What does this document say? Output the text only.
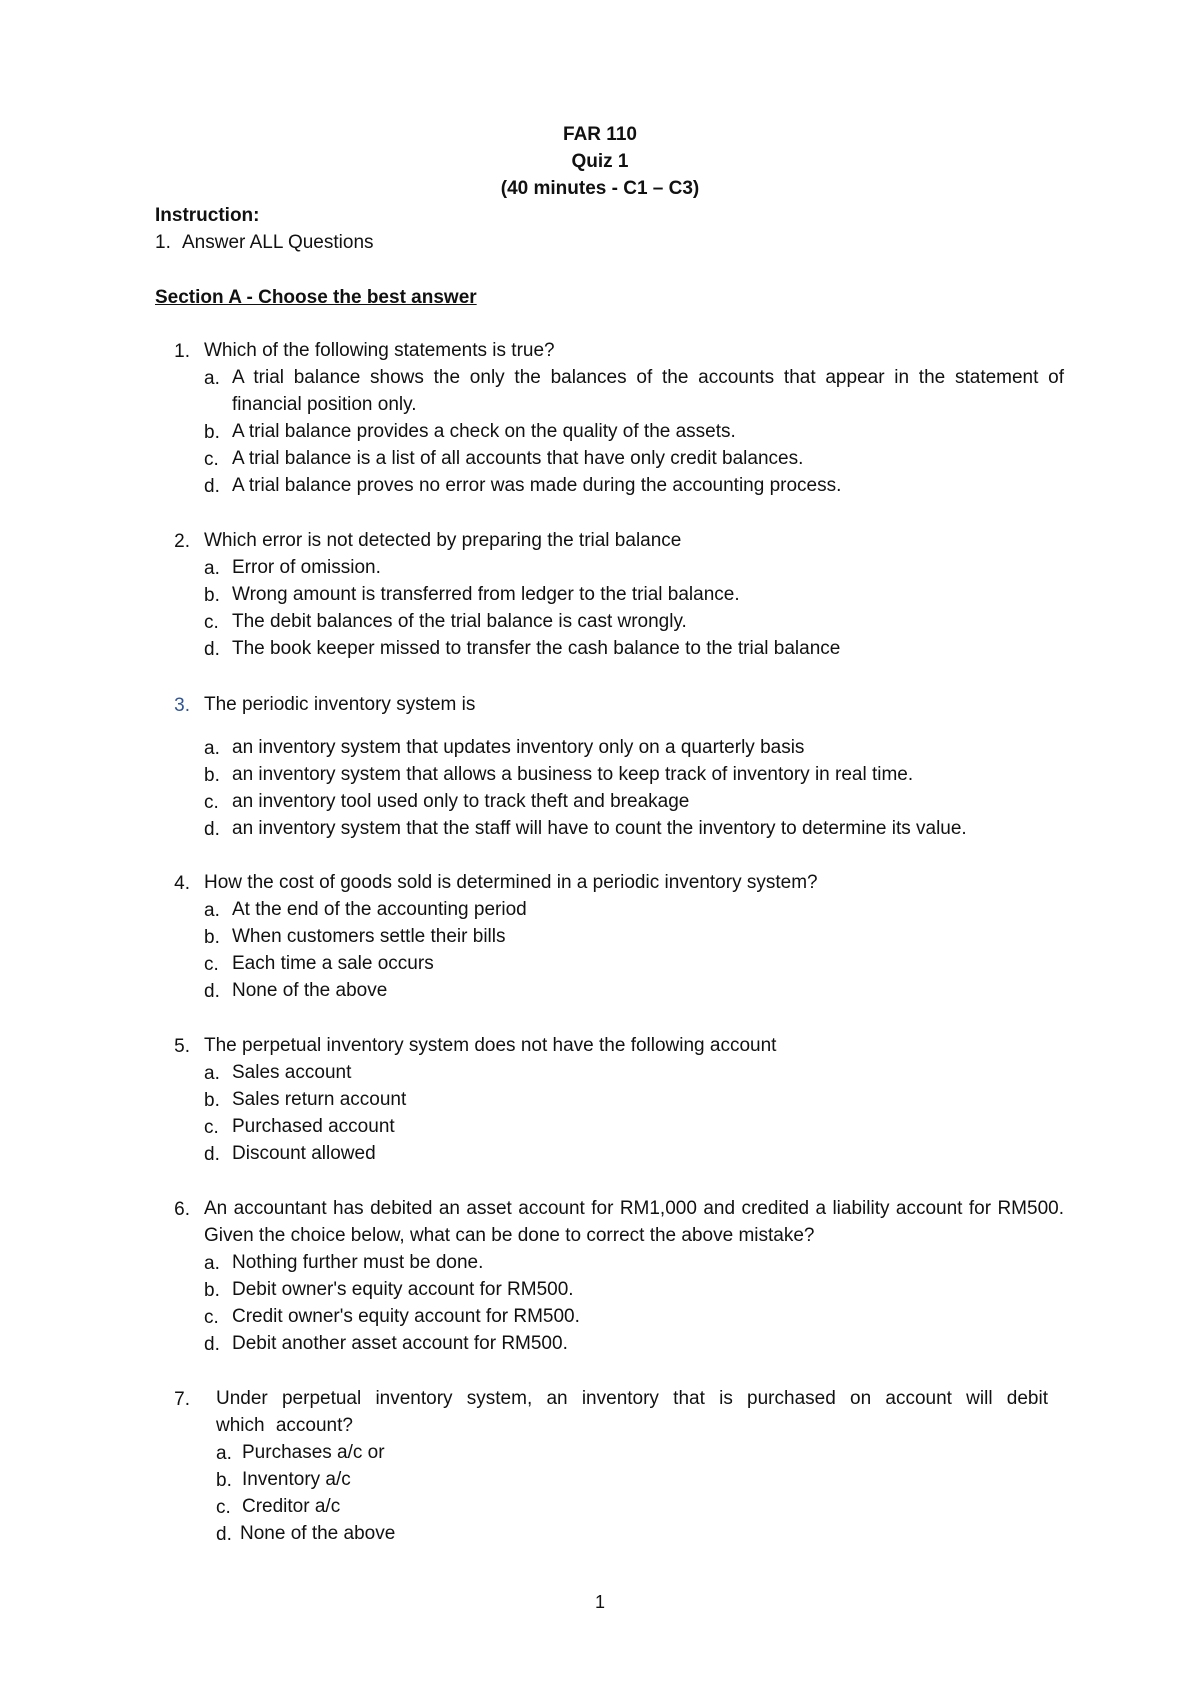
FAR 110
Quiz 1
(40 minutes - C1 – C3)
Instruction:
1. Answer ALL Questions
Section A - Choose the best answer
1. Which of the following statements is true?
a. A trial balance shows the only the balances of the accounts that appear in the statement of financial position only.
b. A trial balance provides a check on the quality of the assets.
c. A trial balance is a list of all accounts that have only credit balances.
d. A trial balance proves no error was made during the accounting process.
2. Which error is not detected by preparing the trial balance
a. Error of omission.
b. Wrong amount is transferred from ledger to the trial balance.
c. The debit balances of the trial balance is cast wrongly.
d. The book keeper missed to transfer the cash balance to the trial balance
3. The periodic inventory system is
a. an inventory system that updates inventory only on a quarterly basis
b. an inventory system that allows a business to keep track of inventory in real time.
c. an inventory tool used only to track theft and breakage
d. an inventory system that the staff will have to count the inventory to determine its value.
4. How the cost of goods sold is determined in a periodic inventory system?
a. At the end of the accounting period
b. When customers settle their bills
c. Each time a sale occurs
d. None of the above
5. The perpetual inventory system does not have the following account
a. Sales account
b. Sales return account
c. Purchased account
d. Discount allowed
6. An accountant has debited an asset account for RM1,000 and credited a liability account for RM500. Given the choice below, what can be done to correct the above mistake?
a. Nothing further must be done.
b. Debit owner's equity account for RM500.
c. Credit owner's equity account for RM500.
d. Debit another asset account for RM500.
7. Under perpetual inventory system, an inventory that is purchased on account will debit which account?
a. Purchases a/c or
b. Inventory a/c
c. Creditor a/c
d. None of the above
1
